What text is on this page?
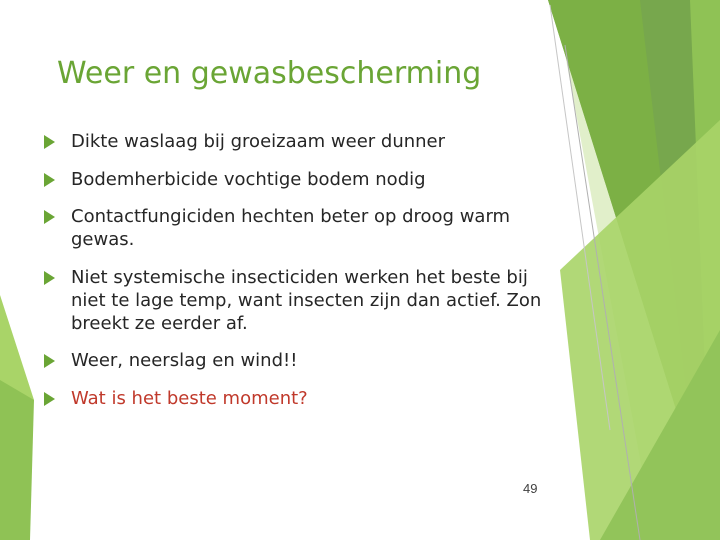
Weer en gewasbescherming
Dikte waslaag bij groeizaam weer dunner
Bodemherbicide vochtige bodem nodig
Contactfungiciden hechten beter op droog warm gewas.
Niet systemische insecticiden werken het beste bij niet te lage temp, want insecten zijn dan actief. Zon breekt ze eerder af.
Weer, neerslag en wind!!
Wat is het beste moment?
49
